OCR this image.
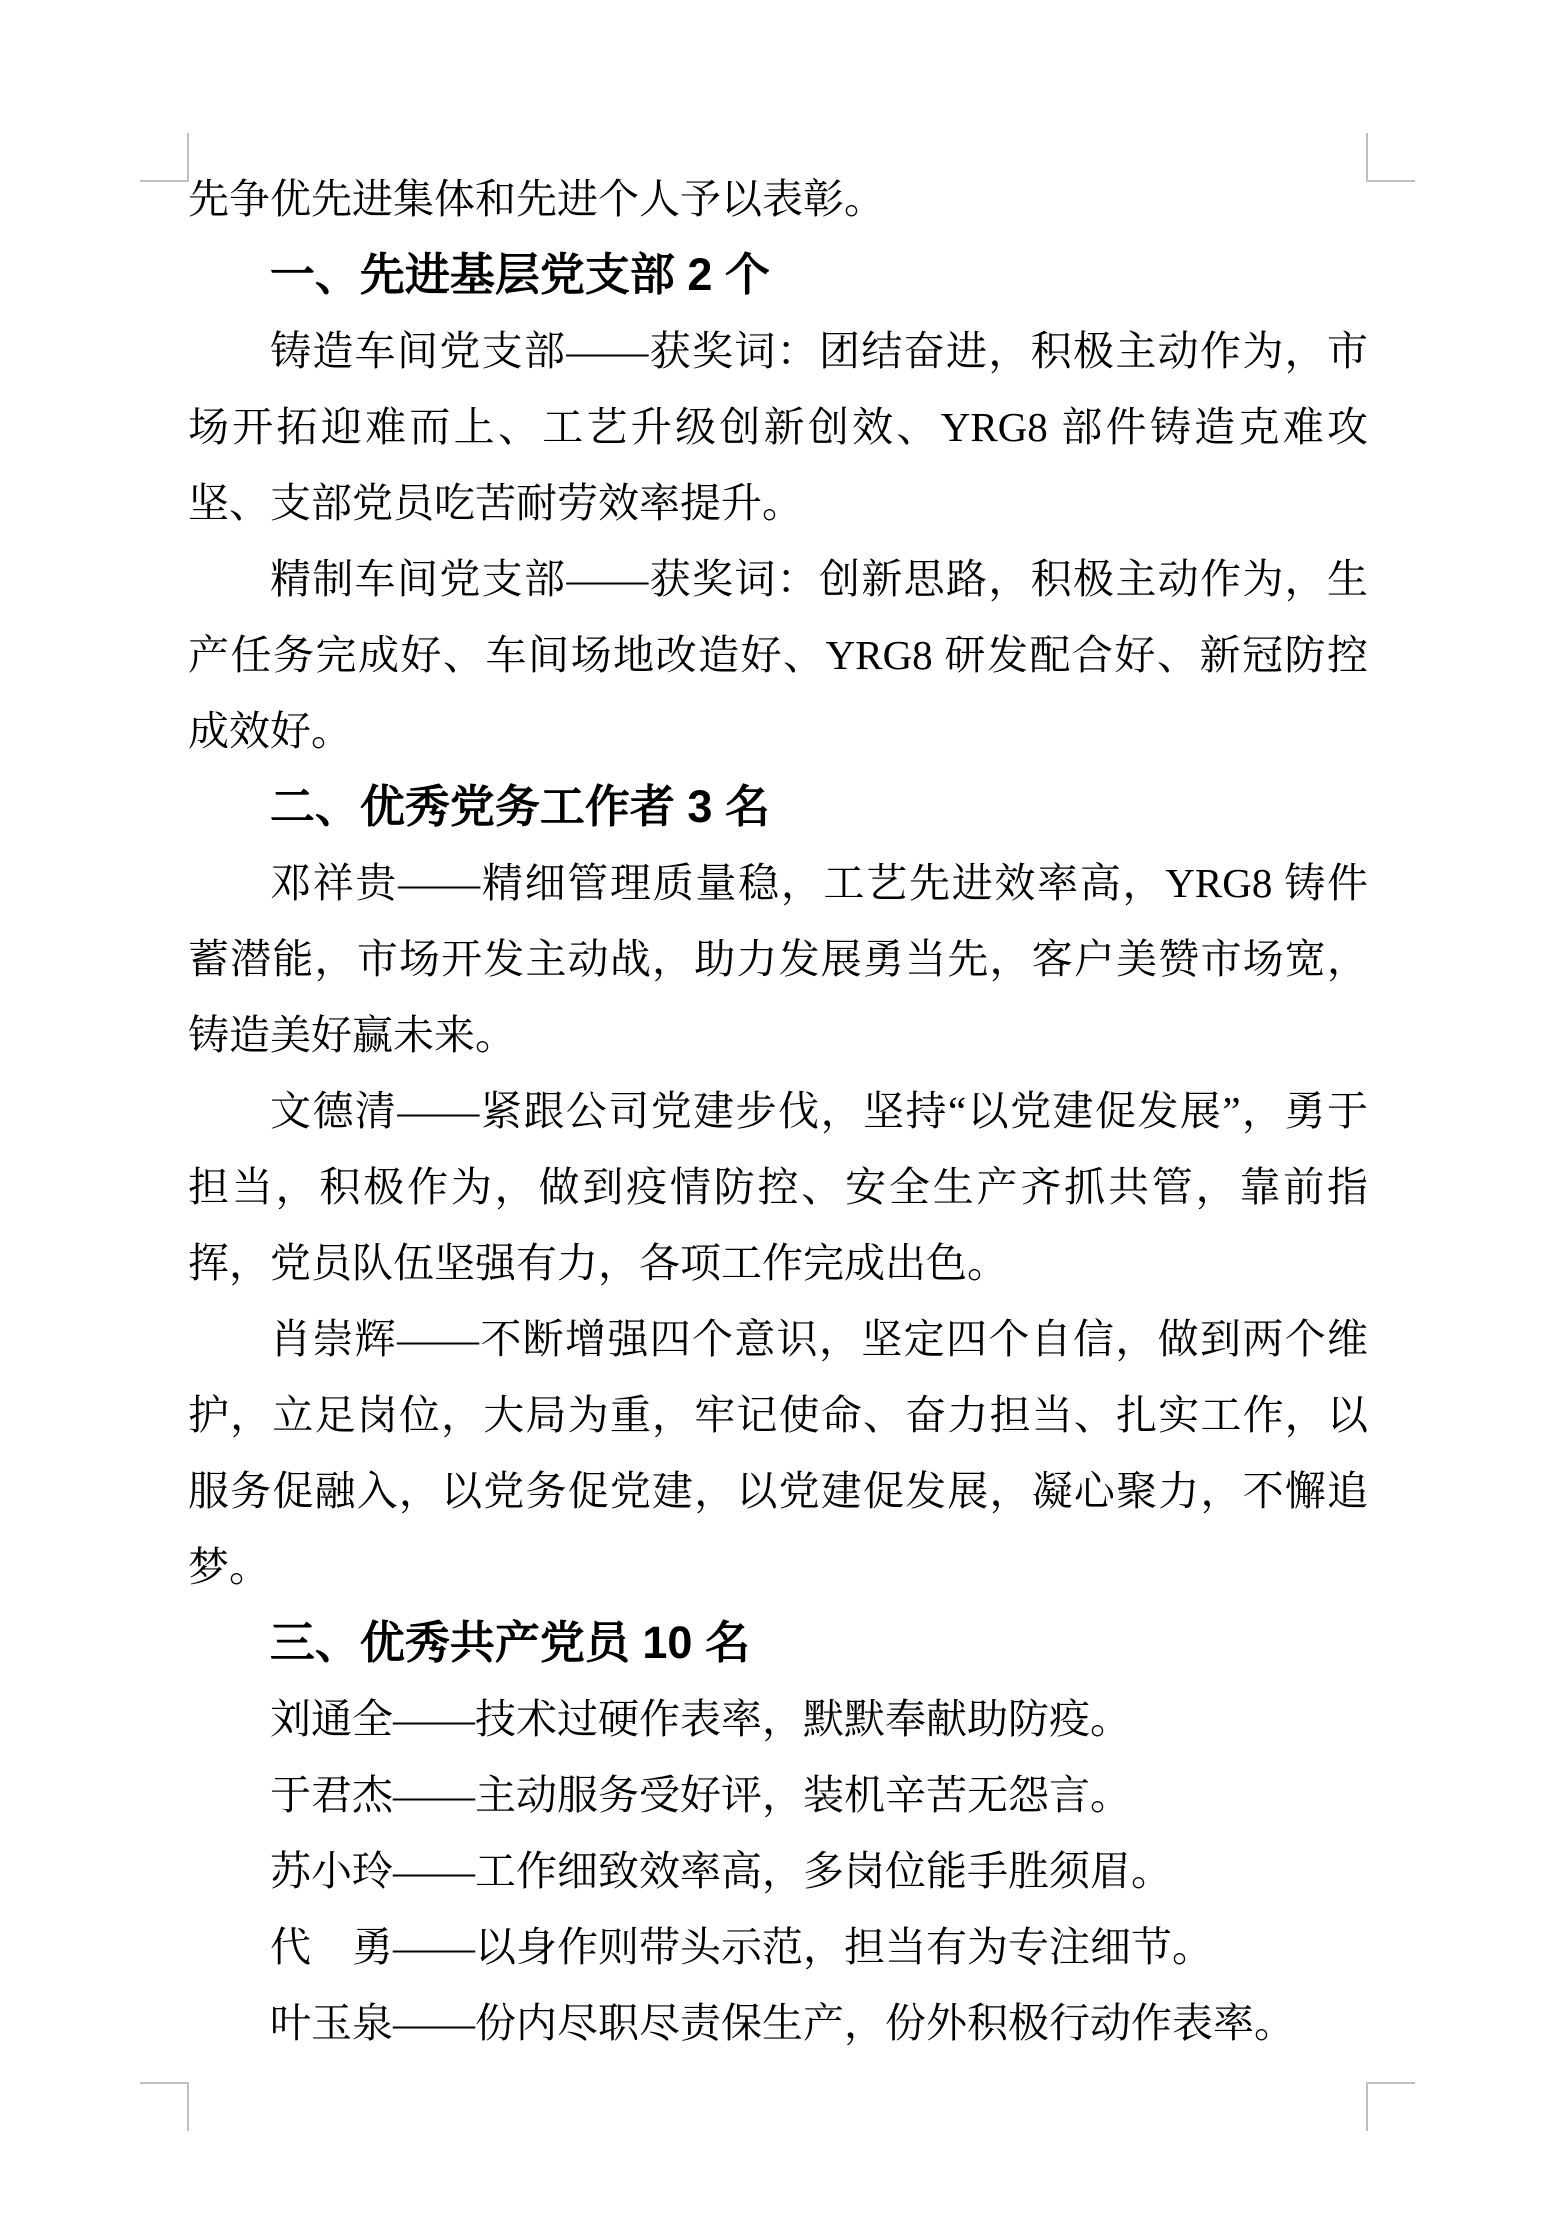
先争优先进集体和先进个人予以表彰。

一、先进基层党支部 2 个

铸造车间党支部——获奖词：团结奋进，积极主动作为，市场开拓迎难而上、工艺升级创新创效、YRG8 部件铸造克难攻坚、支部党员吃苦耐劳效率提升。

精制车间党支部——获奖词：创新思路，积极主动作为，生产任务完成好、车间场地改造好、YRG8 研发配合好、新冠防控成效好。

二、优秀党务工作者 3 名

邓祥贵——精细管理质量稳，工艺先进效率高，YRG8 铸件蓄潜能，市场开发主动战，助力发展勇当先，客户美赞市场宽，铸造美好赢未来。

文德清——紧跟公司党建步伐，坚持“以党建促发展”，勇于担当，积极作为，做到疫情防控、安全生产齐抓共管，靠前指挥，党员队伍坚强有力，各项工作完成出色。

肖崇辉——不断增强四个意识，坚定四个自信，做到两个维护，立足岗位，大局为重，牢记使命、奋力担当、扎实工作，以服务促融入，以党务促党建，以党建促发展，凝心聚力，不懈追梦。

三、优秀共产党员 10 名

刘通全——技术过硬作表率，默默奉献助防疫。

于君杰——主动服务受好评，装机辛苦无怨言。

苏小玲——工作细致效率高，多岗位能手胜须眉。

代　勇——以身作则带头示范，担当有为专注细节。

叶玉泉——份内尽职尽责保生产，份外积极行动作表率。
